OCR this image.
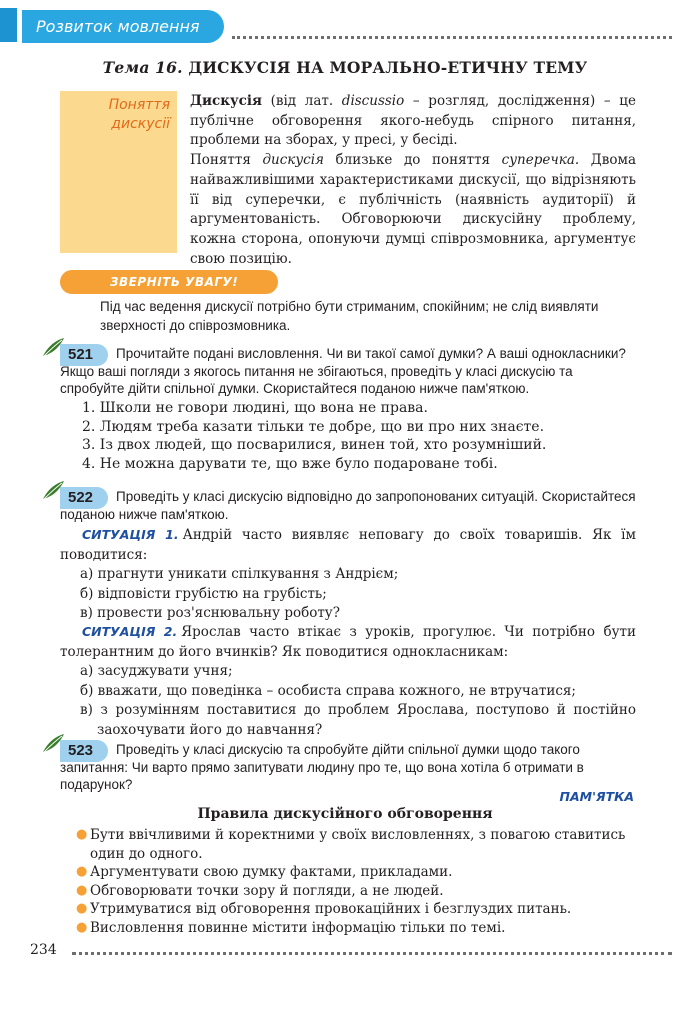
Розвиток мовлення
Тема 16. ДИСКУСІЯ НА МОРАЛЬНО-ЕТИЧНУ ТЕМУ
Поняття
дискусії

Дискусія (від лат. discussio – розгляд, дослідження) – це публічне обговорення якого-небудь спірного питання, проблеми на зборах, у пресі, у бесіді.

Поняття дискусія близьке до поняття суперечка. Двома найважливішими характеристиками дискусії, що відрізняють її від суперечки, є публічність (наявність аудиторії) й аргументованість. Обговорюючи дискусійну проблему, кожна сторона, опонуючи думці співрозмовника, аргументує свою позицію.

ЗВЕРНІТЬ УВАГУ!
Під час ведення дискусії потрібно бути стриманим, спокійним; не слід виявляти зверхності до співрозмовника.
521	Прочитайте подані висловлення. Чи ви такої самої думки? А ваші однокласники? Якщо ваші погляди з якогось питання не збігаються, проведіть у класі дискусію та спробуйте дійти спільної думки. Скористайтеся поданою нижче пам'яткою.
1. Школи не говори людині, що вона не права.
2. Людям треба казати тільки те добре, що ви про них знаєте.
3. Із двох людей, що посварилися, винен той, хто розумніший.
4. Не можна дарувати те, що вже було подароване тобі.
522	Проведіть у класі дискусію відповідно до запропонованих ситуацій. Скористайтеся поданою нижче пам'яткою.
СИТУАЦІЯ 1. Андрій часто виявляє неповагу до своїх товаришів. Як їм поводитися:
а) прагнути уникати спілкування з Андрієм;
б) відповісти грубістю на грубість;
в) провести роз'яснювальну роботу?
СИТУАЦІЯ 2. Ярослав часто втікає з уроків, прогулює. Чи потрібно бути толерантним до його вчинків? Як поводитися однокласникам:
а) засуджувати учня;
б) вважати, що поведінка – особиста справа кожного, не втручатися;
в) з розумінням поставитися до проблем Ярослава, поступово й постійно заохочувати його до навчання?
523	Проведіть у класі дискусію та спробуйте дійти спільної думки щодо такого запитання: Чи варто прямо запитувати людину про те, що вона хотіла б отримати в подарунок?
ПАМ'ЯТКА
Правила дискусійного обговорення
● Бути ввічливими й коректними у своїх висловленнях, з повагою ставитись один до одного.
● Аргументувати свою думку фактами, прикладами.
● Обговорювати точки зору й погляди, а не людей.
● Утримуватися від обговорення провокаційних і безглуздих питань.
● Висловлення повинне містити інформацію тільки по темі.
234
